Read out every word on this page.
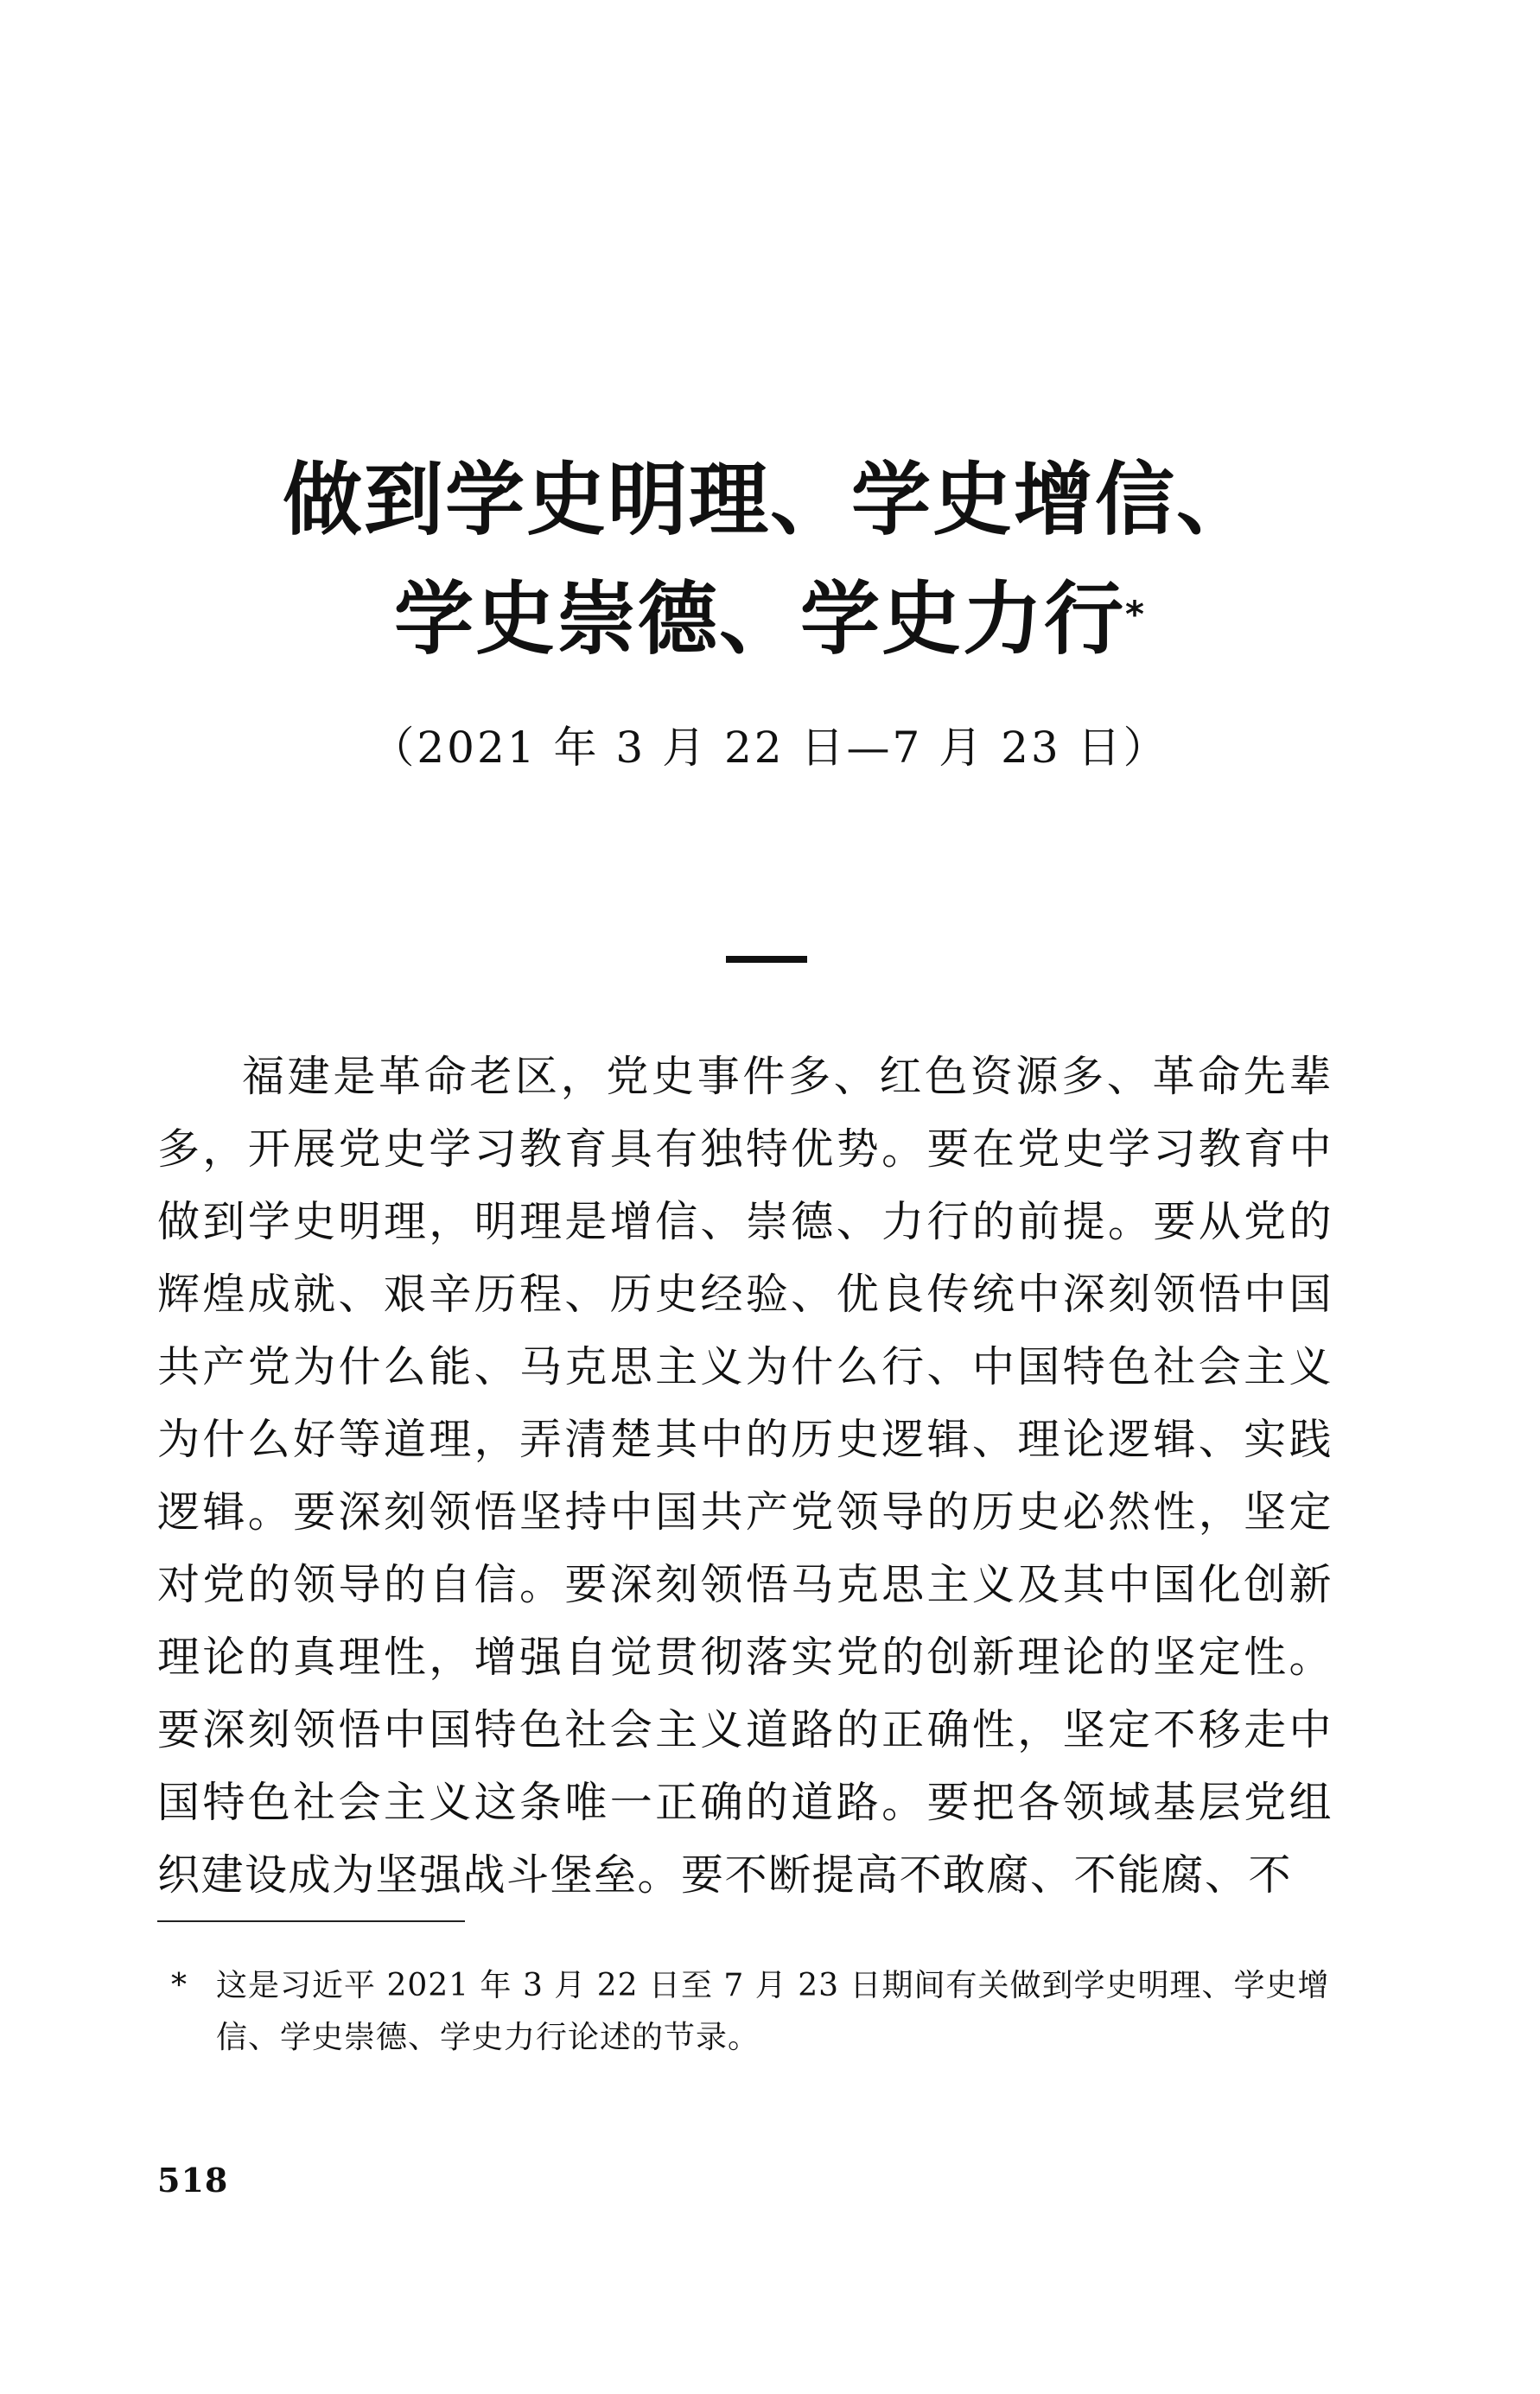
做到学史明理、学史增信、
学史崇德、学史力行*
（2021 年 3 月 22 日—7 月 23 日）

福建是革命老区，党史事件多、红色资源多、革命先辈多，开展党史学习教育具有独特优势。要在党史学习教育中做到学史明理，明理是增信、崇德、力行的前提。要从党的辉煌成就、艰辛历程、历史经验、优良传统中深刻领悟中国共产党为什么能、马克思主义为什么行、中国特色社会主义为什么好等道理，弄清楚其中的历史逻辑、理论逻辑、实践逻辑。要深刻领悟坚持中国共产党领导的历史必然性，坚定对党的领导的自信。要深刻领悟马克思主义及其中国化创新理论的真理性，增强自觉贯彻落实党的创新理论的坚定性。要深刻领悟中国特色社会主义道路的正确性，坚定不移走中国特色社会主义这条唯一正确的道路。要把各领域基层党组织建设成为坚强战斗堡垒。要不断提高不敢腐、不能腐、不

* 这是习近平 2021 年 3 月 22 日至 7 月 23 日期间有关做到学史明理、学史增信、学史崇德、学史力行论述的节录。

518
